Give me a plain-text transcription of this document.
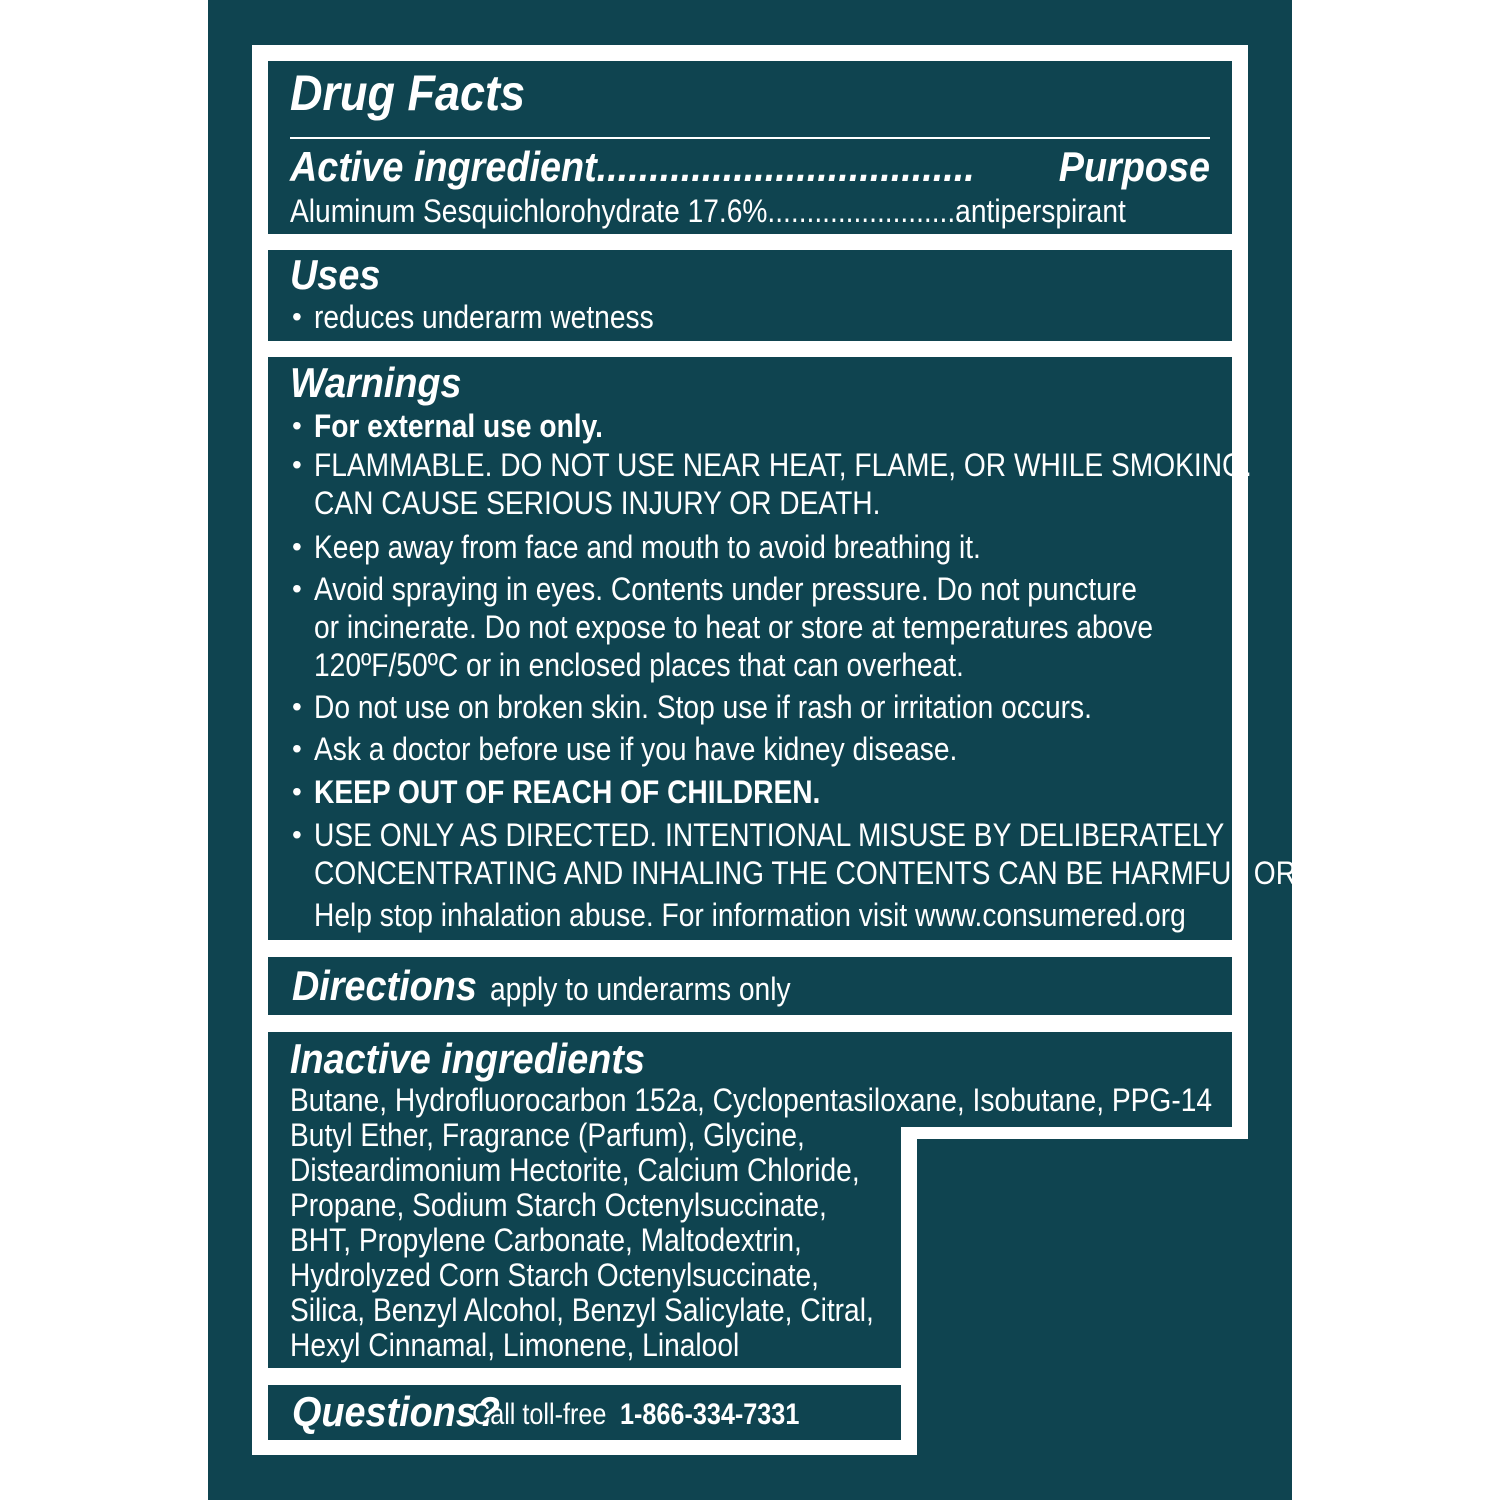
Drug Facts
Active ingredient....................................	Purpose
Aluminum Sesquichlorohydrate 17.6%........................antiperspirant
Uses
• reduces underarm wetness
Warnings
• For external use only.
• FLAMMABLE. DO NOT USE NEAR HEAT, FLAME, OR WHILE SMOKING.
CAN CAUSE SERIOUS INJURY OR DEATH.
• Keep away from face and mouth to avoid breathing it.
• Avoid spraying in eyes. Contents under pressure. Do not puncture
or incinerate. Do not expose to heat or store at temperatures above
120ºF/50ºC or in enclosed places that can overheat.
• Do not use on broken skin. Stop use if rash or irritation occurs.
• Ask a doctor before use if you have kidney disease.
• KEEP OUT OF REACH OF CHILDREN.
• USE ONLY AS DIRECTED. INTENTIONAL MISUSE BY DELIBERATELY
CONCENTRATING AND INHALING THE CONTENTS CAN BE HARMFUL OR FATAL.
Help stop inhalation abuse. For information visit www.consumered.org
Directions apply to underarms only
Inactive ingredients
Butane, Hydrofluorocarbon 152a, Cyclopentasiloxane, Isobutane, PPG-14
Butyl Ether, Fragrance (Parfum), Glycine,
Disteardimonium Hectorite, Calcium Chloride,
Propane, Sodium Starch Octenylsuccinate,
BHT, Propylene Carbonate, Maltodextrin,
Hydrolyzed Corn Starch Octenylsuccinate,
Silica, Benzyl Alcohol, Benzyl Salicylate, Citral,
Hexyl Cinnamal, Limonene, Linalool
Questions?
Call toll-free 1-866-334-7331
